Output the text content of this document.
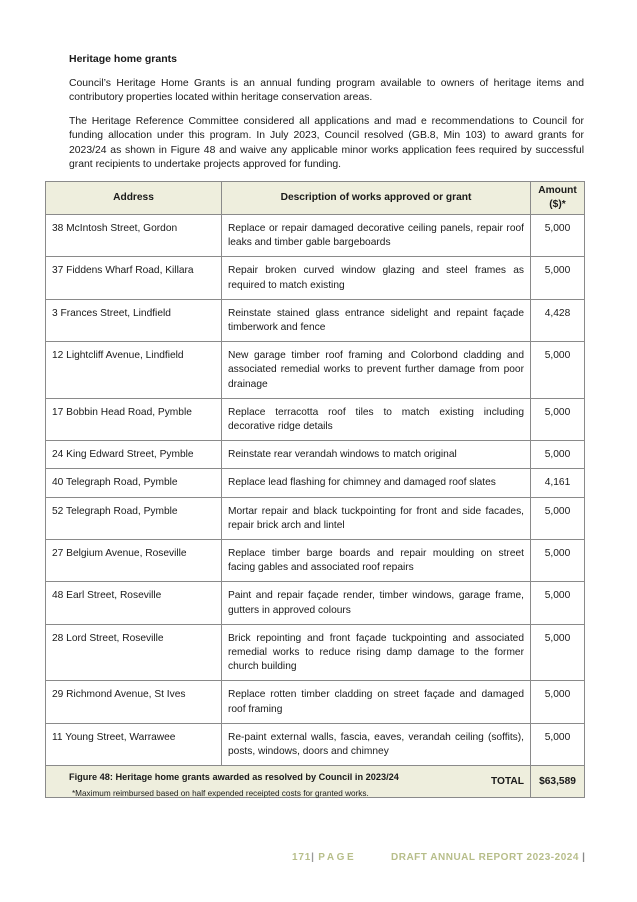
Heritage home grants

Council’s Heritage Home Grants is an annual funding program available to owners of heritage items and contributory properties located within heritage conservation areas.

The Heritage Reference Committee considered all applications and mad e recommendations to Council for funding allocation under this program. In July 2023, Council resolved (GB.8, Min 103) to award grants for 2023/24 as shown in Figure 48 and waive any applicable minor works application fees required by successful grant recipients to undertake projects approved for funding.

Address	Description of works approved or grant	Amount ($)*
38 McIntosh Street, Gordon	Replace or repair damaged decorative ceiling panels, repair roof leaks and timber gable bargeboards	5,000
37 Fiddens Wharf Road, Killara	Repair broken curved window glazing and steel frames as required to match existing	5,000
3 Frances Street, Lindfield	Reinstate stained glass entrance sidelight and repaint façade timberwork and fence	4,428
12 Lightcliff Avenue, Lindfield	New garage timber roof framing and Colorbond cladding and associated remedial works to prevent further damage from poor drainage	5,000
17 Bobbin Head Road, Pymble	Replace terracotta roof tiles to match existing including decorative ridge details	5,000
24 King Edward Street, Pymble	Reinstate rear verandah windows to match original	5,000
40 Telegraph Road, Pymble	Replace lead flashing for chimney and damaged roof slates	4,161
52 Telegraph Road, Pymble	Mortar repair and black tuckpointing for front and side facades, repair brick arch and lintel	5,000
27 Belgium Avenue, Roseville	Replace timber barge boards and repair moulding on street facing gables and associated roof repairs	5,000
48 Earl Street, Roseville	Paint and repair façade render, timber windows, garage frame, gutters in approved colours	5,000
28 Lord Street, Roseville	Brick repointing and front façade tuckpointing and associated remedial works to reduce rising damp damage to the former church building	5,000
29 Richmond Avenue, St Ives	Replace rotten timber cladding on street façade and damaged roof framing	5,000
11 Young Street, Warrawee	Re-paint external walls, fascia, eaves, verandah ceiling (soffits), posts, windows, doors and chimney	5,000
TOTAL		$63,589

Figure 48: Heritage home grants awarded as resolved by Council in 2023/24

*Maximum reimbursed based on half expended receipted costs for granted works.

171| PAGE	DRAFT ANNUAL REPORT 2023-2024 |
